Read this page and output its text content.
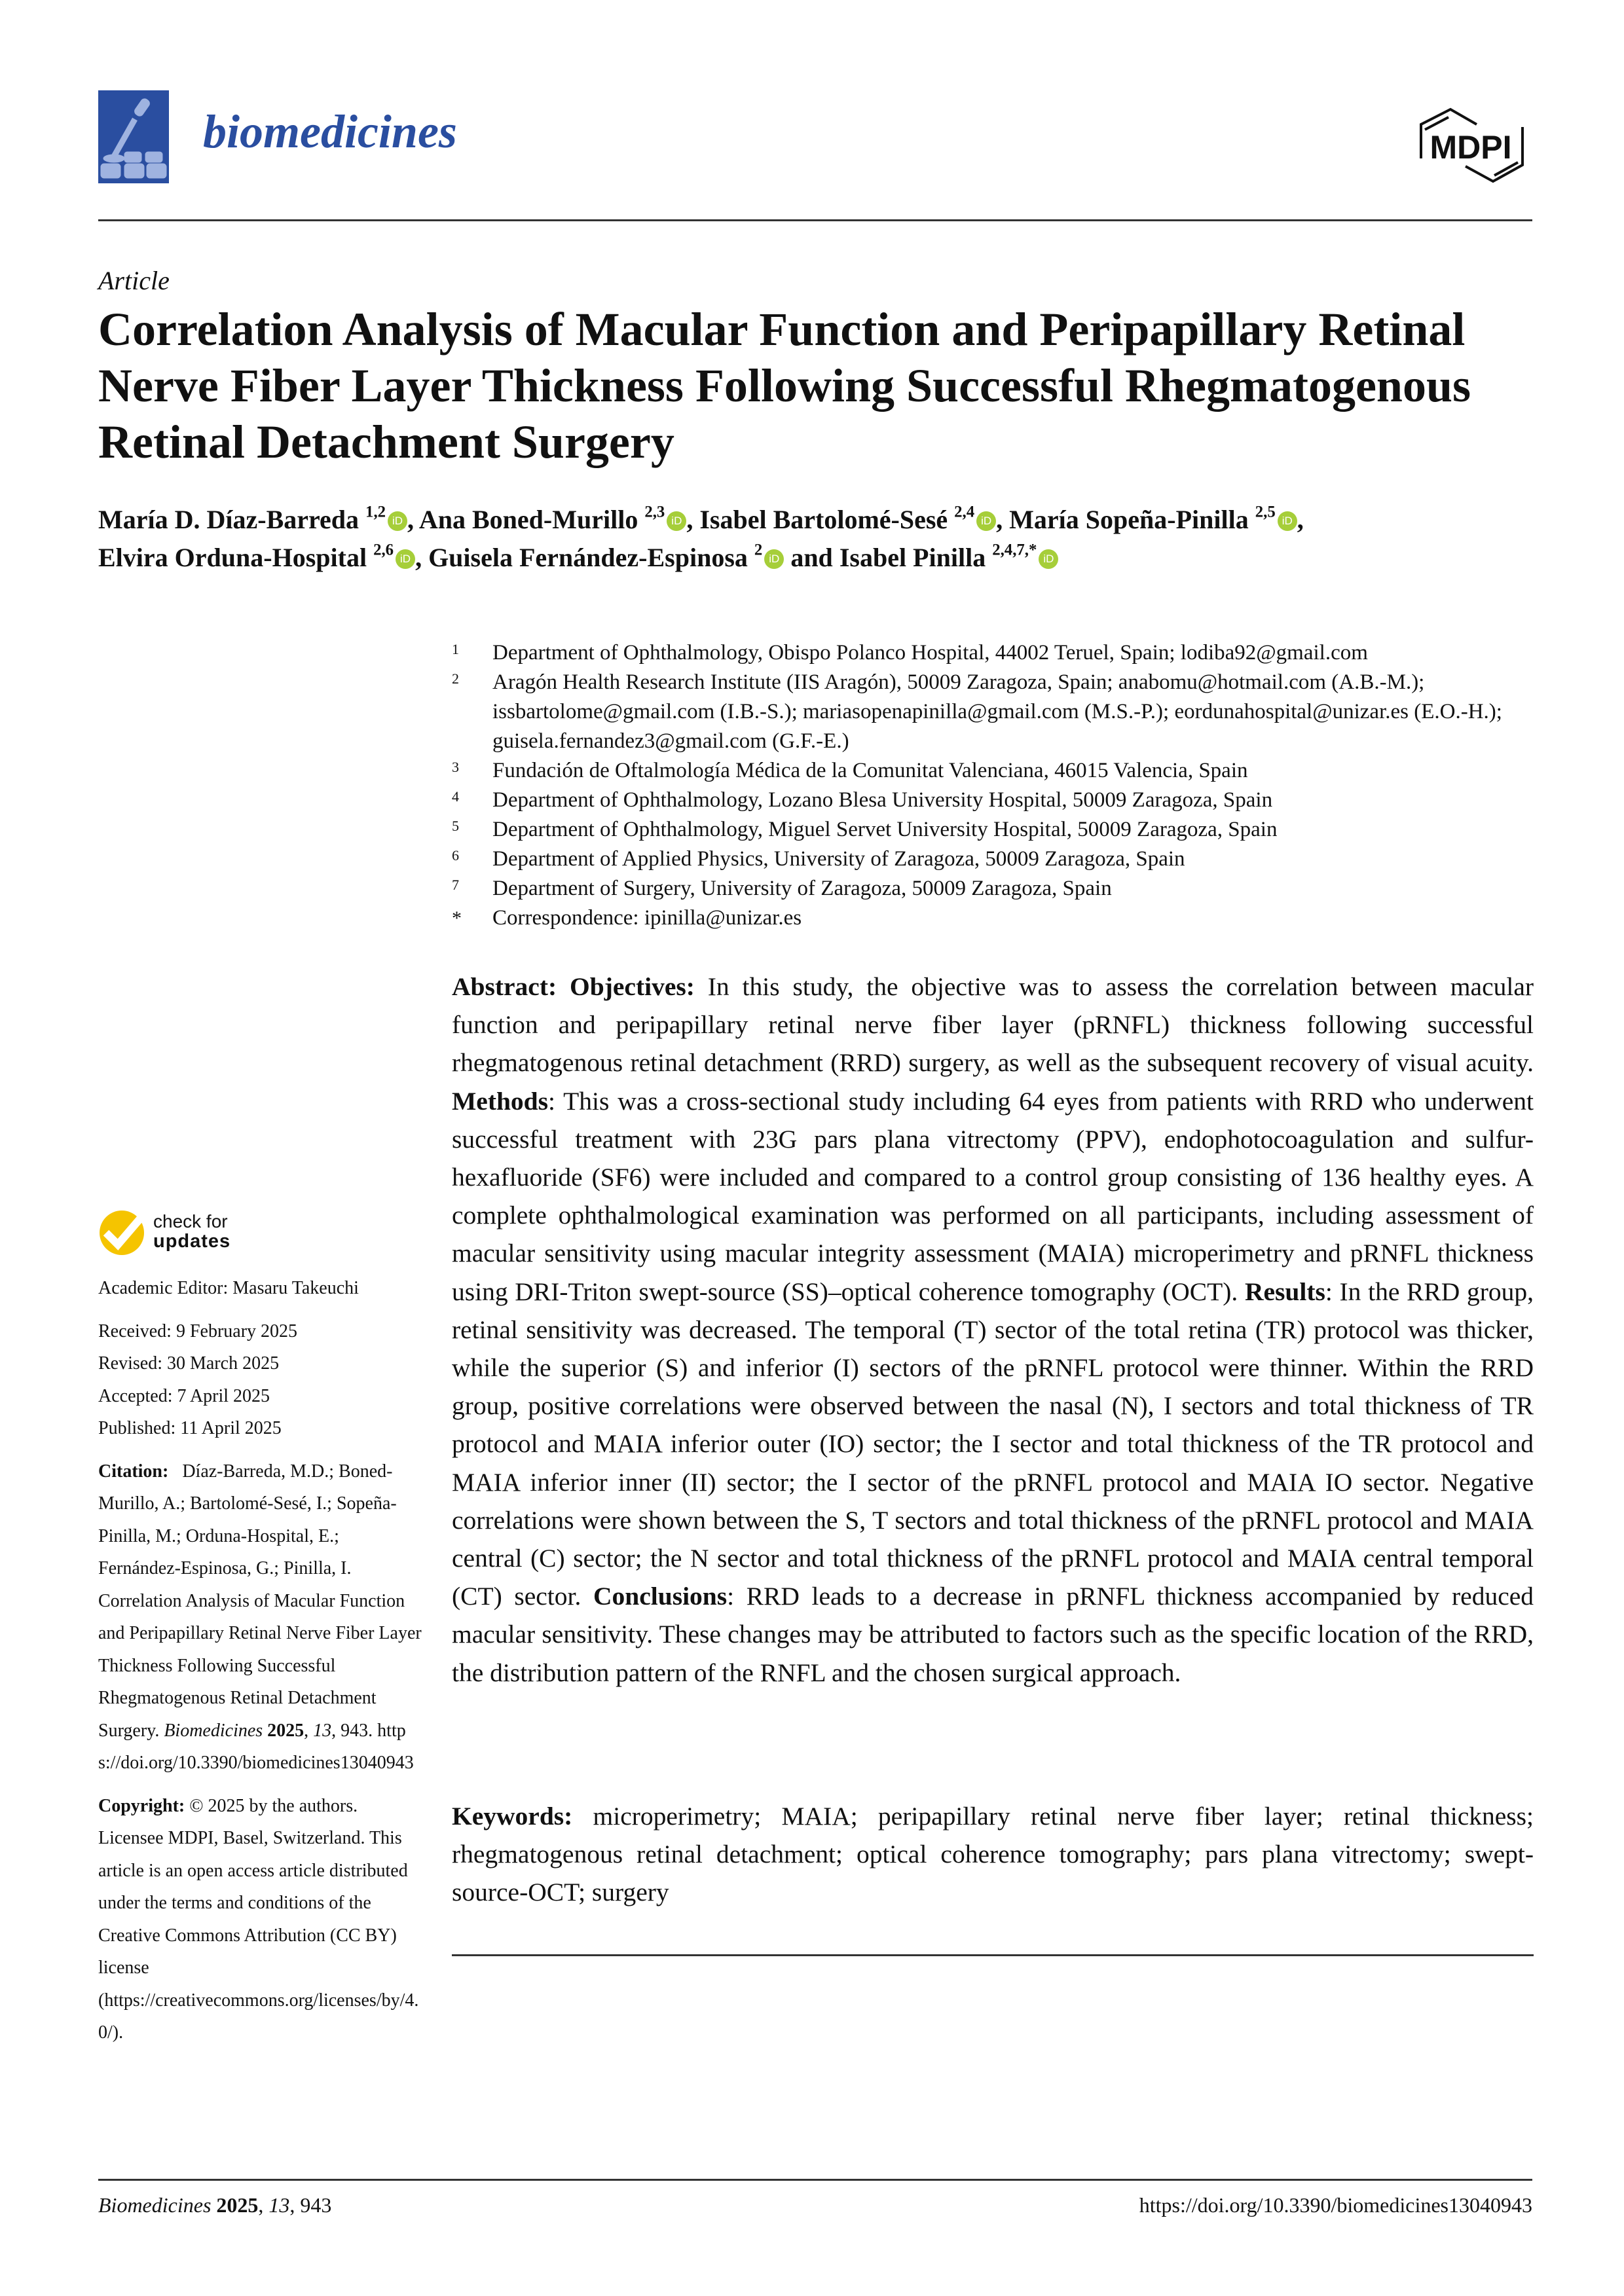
biomedicines	MDPI
Article
Correlation Analysis of Macular Function and Peripapillary Retinal Nerve Fiber Layer Thickness Following Successful Rhegmatogenous Retinal Detachment Surgery
María D. Díaz-Barreda $^{1,2}$ iD , Ana Boned-Murillo $^{2,3}$ iD , Isabel Bartolomé-Sesé $^{2,4}$ iD , María Sopeña-Pinilla $^{2,5}$ iD ,
Elvira Orduna-Hospital $^{2,6}$ iD , Guisela Fernández-Espinosa $^2$ iD and Isabel Pinilla $^{2,4,7,*}$ iD
1 Department of Ophthalmology, Obispo Polanco Hospital, 44002 Teruel, Spain; lodiba92@gmail.com
2 Aragón Health Research Institute (IIS Aragón), 50009 Zaragoza, Spain; anabomu@hotmail.com (A.B.-M.); issbartolome@gmail.com (I.B.-S.); mariasopenapinilla@gmail.com (M.S.-P.); eordunahospital@unizar.es (E.O.-H.); guisela.fernandez3@gmail.com (G.F.-E.)
3 Fundación de Oftalmología Médica de la Comunitat Valenciana, 46015 Valencia, Spain
4 Department of Ophthalmology, Lozano Blesa University Hospital, 50009 Zaragoza, Spain
5 Department of Ophthalmology, Miguel Servet University Hospital, 50009 Zaragoza, Spain
6 Department of Applied Physics, University of Zaragoza, 50009 Zaragoza, Spain
7 Department of Surgery, University of Zaragoza, 50009 Zaragoza, Spain
* Correspondence: ipinilla@unizar.es
check for
updates
Academic Editor: Masaru Takeuchi
Received: 9 February 2025
Revised: 30 March 2025
Accepted: 7 April 2025
Published: 11 April 2025
Citation: Díaz-Barreda, M.D.; Boned-Murillo, A.; Bartolomé-Sesé, I.; Sopeña-Pinilla, M.; Orduna-Hospital, E.; Fernández-Espinosa, G.; Pinilla, I. Correlation Analysis of Macular Function and Peripapillary Retinal Nerve Fiber Layer Thickness Following Successful Rhegmatogenous Retinal Detachment Surgery. Biomedicines 2025, 13, 943. https://doi.org/10.3390/biomedicines13040943
Copyright: © 2025 by the authors. Licensee MDPI, Basel, Switzerland. This article is an open access article distributed under the terms and conditions of the Creative Commons Attribution (CC BY) license (https://creativecommons.org/licenses/by/4.0/).

Abstract: Objectives: In this study, the objective was to assess the correlation between macular function and peripapillary retinal nerve fiber layer (pRNFL) thickness following successful rhegmatogenous retinal detachment (RRD) surgery, as well as the subsequent recovery of visual acuity. Methods: This was a cross-sectional study including 64 eyes from patients with RRD who underwent successful treatment with 23G pars plana vitrectomy (PPV), endophotocoagulation and sulfur-hexafluoride (SF6) were included and compared to a control group consisting of 136 healthy eyes. A complete ophthalmological examination was performed on all participants, including assessment of macular sensitivity using macular integrity assessment (MAIA) microperimetry and pRNFL thickness using DRI-Triton swept-source (SS)–optical coherence tomography (OCT). Results: In the RRD group, retinal sensitivity was decreased. The temporal (T) sector of the total retina (TR) protocol was thicker, while the superior (S) and inferior (I) sectors of the pRNFL protocol were thinner. Within the RRD group, positive correlations were observed between the nasal (N), I sectors and total thickness of TR protocol and MAIA inferior outer (IO) sector; the I sector and total thickness of the TR protocol and MAIA inferior inner (II) sector; the I sector of the pRNFL protocol and MAIA IO sector. Negative correlations were shown between the S, T sectors and total thickness of the pRNFL protocol and MAIA central (C) sector; the N sector and total thickness of the pRNFL protocol and MAIA central temporal (CT) sector. Conclusions: RRD leads to a decrease in pRNFL thickness accompanied by reduced macular sensitivity. These changes may be attributed to factors such as the specific location of the RRD, the distribution pattern of the RNFL and the chosen surgical approach.

Keywords: microperimetry; MAIA; peripapillary retinal nerve fiber layer; retinal thickness; rhegmatogenous retinal detachment; optical coherence tomography; pars plana vitrectomy; swept-source-OCT; surgery

Biomedicines 2025, 13, 943	https://doi.org/10.3390/biomedicines13040943
